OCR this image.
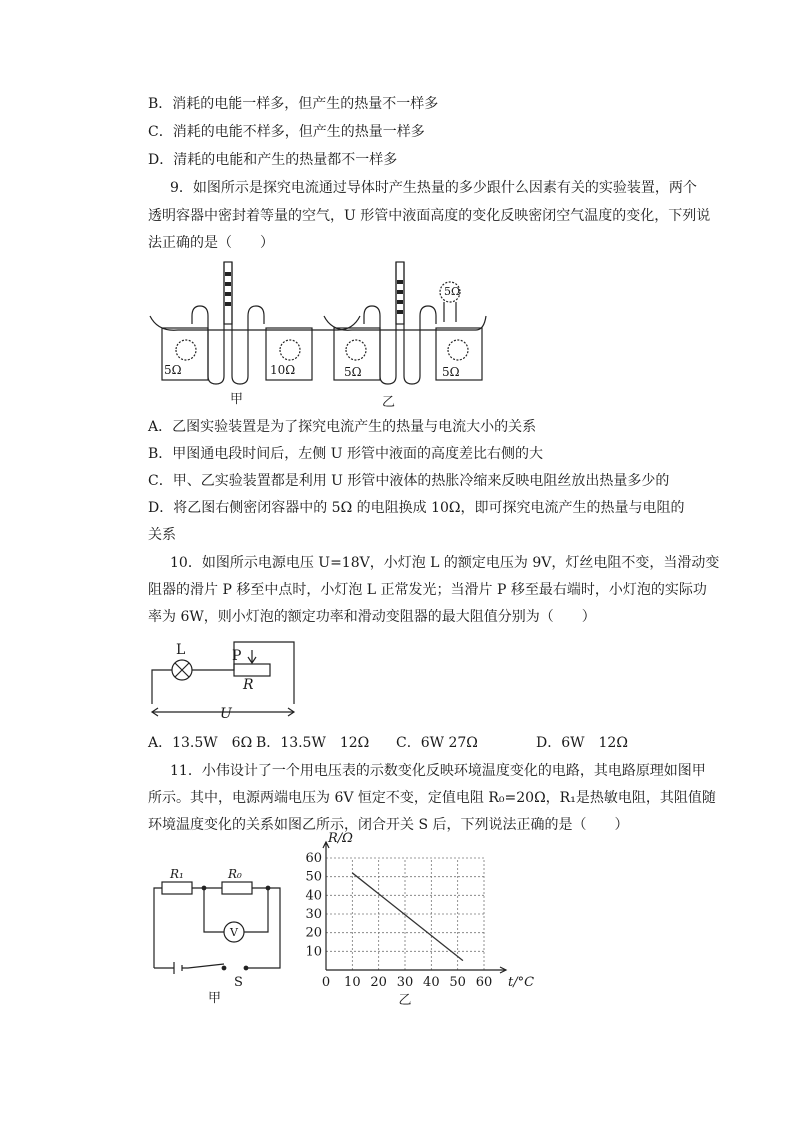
B．消耗的电能一样多，但产生的热量不一样多
C．消耗的电能不样多，但产生的热量一样多
D．清耗的电能和产生的热量都不一样多
9．如图所示是探究电流通过导体时产生热量的多少跟什么因素有关的实验装置，两个
透明容器中密封着等量的空气，U 形管中液面高度的变化反映密闭空气温度的变化，下列说
法正确的是（　　）
5Ω	10Ω
甲
5Ω	5Ω
5Ω
乙
A．乙图实验装置是为了探究电流产生的热量与电流大小的关系
B．甲图通电段时间后，左侧 U 形管中液面的高度差比右侧的大
C．甲、乙实验装置都是利用 U 形管中液体的热胀冷缩来反映电阻丝放出热量多少的
D．将乙图右侧密闭容器中的 5Ω 的电阻换成 10Ω，即可探究电流产生的热量与电阻的
关系
10．如图所示电源电压 U=18V，小灯泡 L 的额定电压为 9V，灯丝电阻不变，当滑动变
阻器的滑片 P 移至中点时，小灯泡 L 正常发光；当滑片 P 移至最右端时，小灯泡的实际功
率为 6W，则小灯泡的额定功率和滑动变阻器的最大阻值分别为（　　）
L	P
R
U
A．13.5W　6Ω B．13.5W　12Ω C．6W 27Ω	D．6W　12Ω
11．小伟设计了一个用电压表的示数变化反映环境温度变化的电路，其电路原理如图甲
所示。其中，电源两端电压为 6V 恒定不变，定值电阻 R₀=20Ω，R₁是热敏电阻，其阻值随
环境温度变化的关系如图乙所示，闭合开关 S 后，下列说法正确的是（　　）
R₁	R₀
V
S
甲
0 10 20 30 40 50 60
10
20
30
40
50
60
t/°C
R/Ω
乙
